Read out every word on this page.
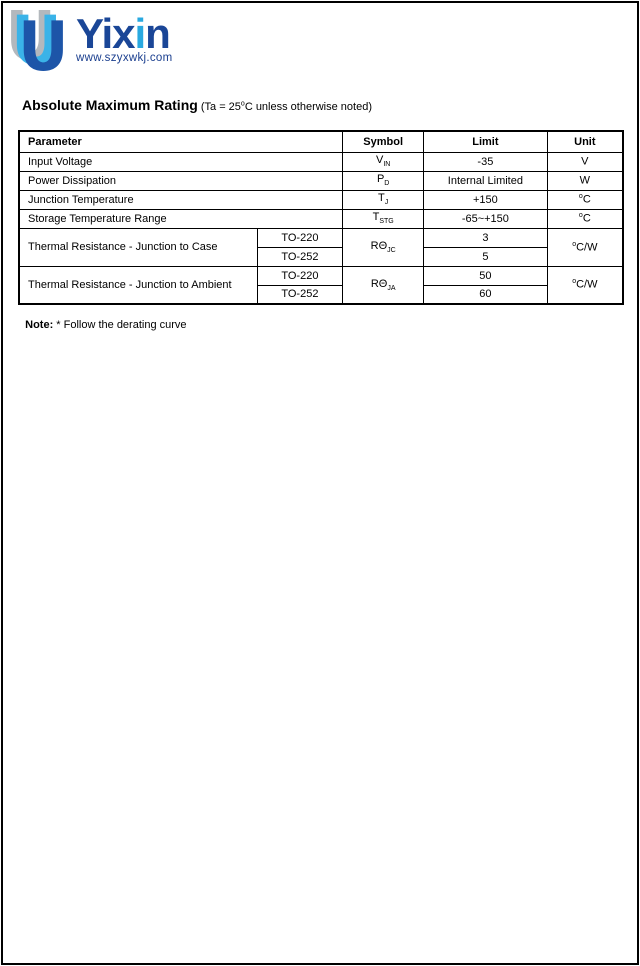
Yixin
www.szyxwkj.com
Absolute Maximum Rating ($Ta = 25^oC$ unless otherwise noted)
Parameter		Symbol	Limit	Unit
Input Voltage		$V_{IN}$	-35	V
Power Dissipation		$P_D$	Internal Limited	W
Junction Temperature		$T_J$	+150	$^o$C
Storage Temperature Range		$T_{STG}$	-65~+150	$^o$C
Thermal Resistance - Junction to Case	TO-220	$R\Theta_{JC}$	3	$^o$C/W
	TO-252		5	
Thermal Resistance - Junction to Ambient	TO-220	$R\Theta_{JA}$	50	$^o$C/W
	TO-252		60	

Note: * Follow the derating curve
